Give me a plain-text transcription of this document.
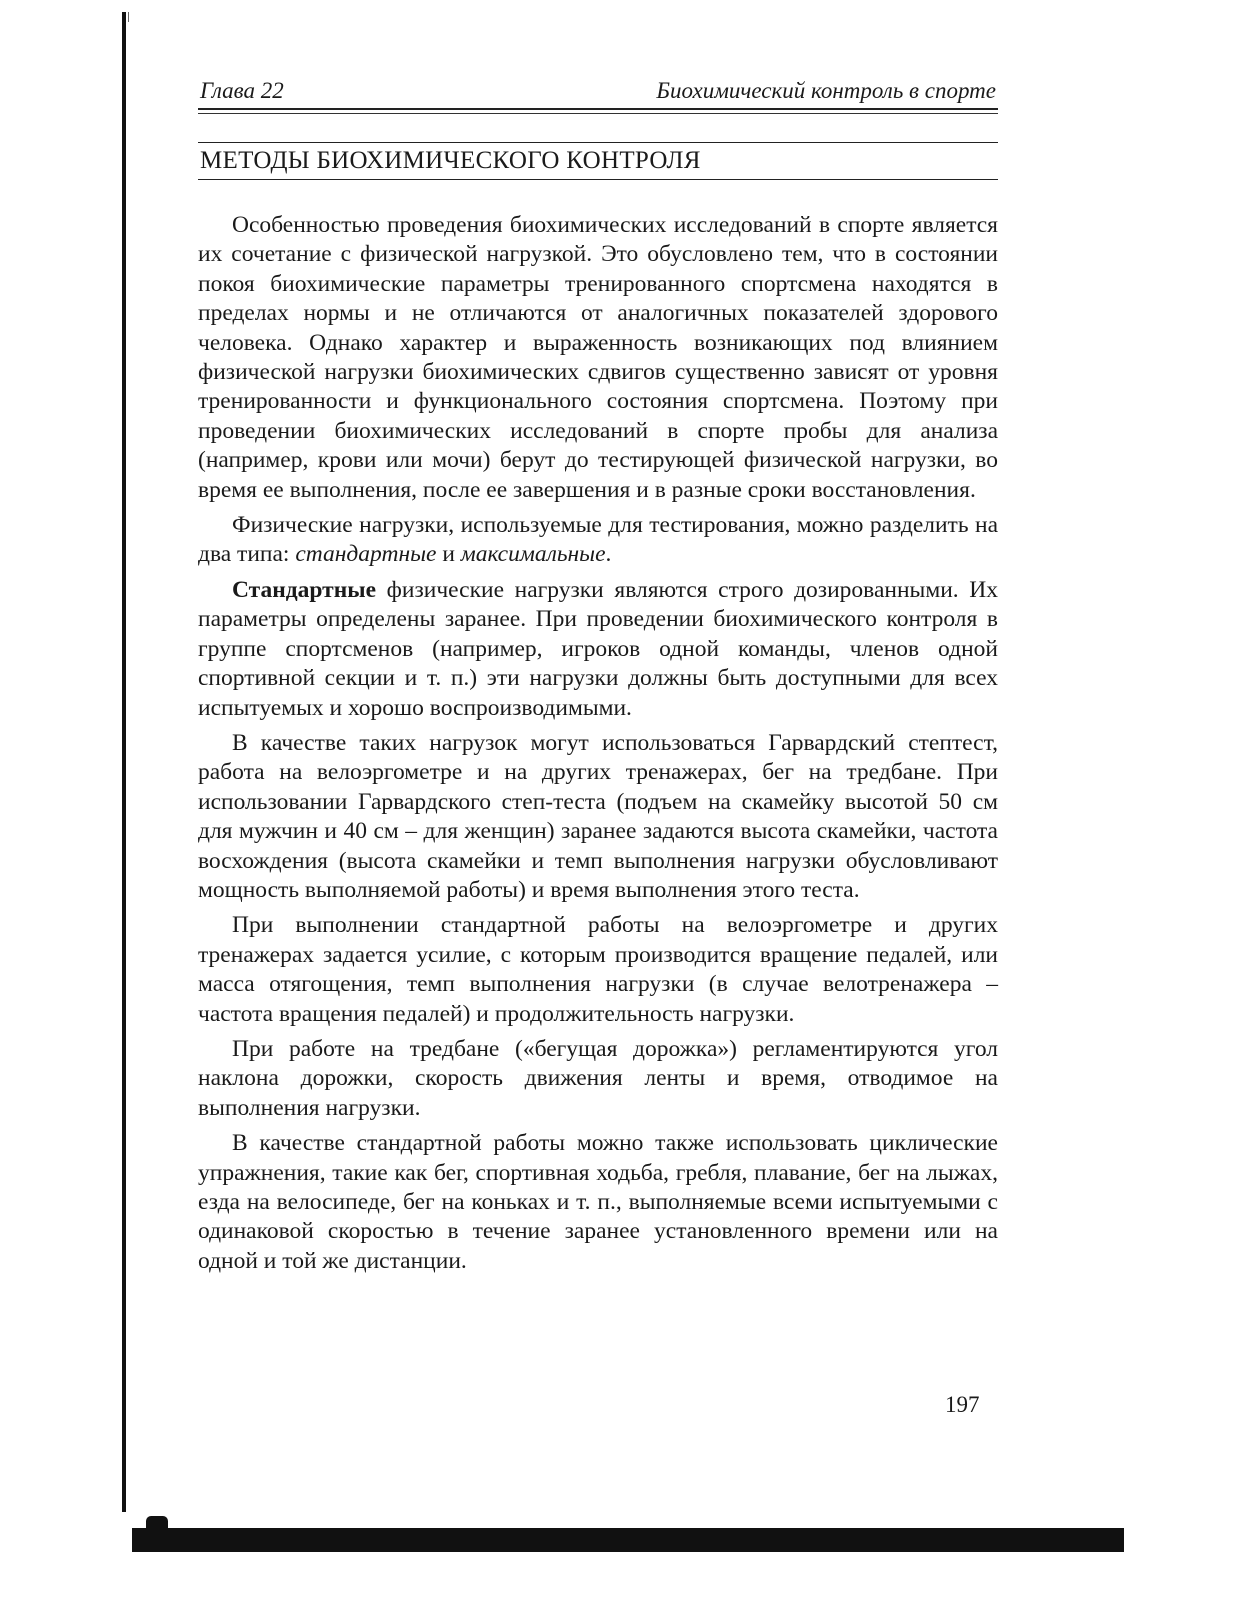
Глава 22	Биохимический контроль в спорте
МЕТОДЫ БИОХИМИЧЕСКОГО КОНТРОЛЯ

Особенностью проведения биохимических исследований в спорте является их сочетание с физической нагрузкой. Это обусловлено тем, что в состоянии покоя биохимические параметры тренированного спортсмена находятся в пределах нормы и не отличаются от аналогичных показателей здорового человека. Однако характер и выраженность возникающих под влиянием физической нагрузки биохимических сдвигов существенно зависят от уровня тренированности и функционального состояния спортсмена. Поэтому при проведении биохимических исследований в спорте пробы для анализа (например, крови или мочи) берут до тестирующей физической нагрузки, во время ее выполнения, после ее завершения и в разные сроки восстановления.

Физические нагрузки, используемые для тестирования, можно разделить на два типа: стандартные и максимальные.

Стандартные физические нагрузки являются строго дозированными. Их параметры определены заранее. При проведении биохимического контроля в группе спортсменов (например, игроков одной команды, членов одной спортивной секции и т. п.) эти нагрузки должны быть доступными для всех испытуемых и хорошо воспроизводимыми.

В качестве таких нагрузок могут использоваться Гарвардский стептест, работа на велоэргометре и на других тренажерах, бег на тредбане. При использовании Гарвардского степ-теста (подъем на скамейку высотой 50 см для мужчин и 40 см – для женщин) заранее задаются высота скамейки, частота восхождения (высота скамейки и темп выполнения нагрузки обусловливают мощность выполняемой работы) и время выполнения этого теста.

При выполнении стандартной работы на велоэргометре и других тренажерах задается усилие, с которым производится вращение педалей, или масса отягощения, темп выполнения нагрузки (в случае велотренажера – частота вращения педалей) и продолжительность нагрузки.

При работе на тредбане («бегущая дорожка») регламентируются угол наклона дорожки, скорость движения ленты и время, отводимое на выполнения нагрузки.

В качестве стандартной работы можно также использовать циклические упражнения, такие как бег, спортивная ходьба, гребля, плавание, бег на лыжах, езда на велосипеде, бег на коньках и т. п., выполняемые всеми испытуемыми с одинаковой скоростью в течение заранее установленного времени или на одной и той же дистанции.

197
